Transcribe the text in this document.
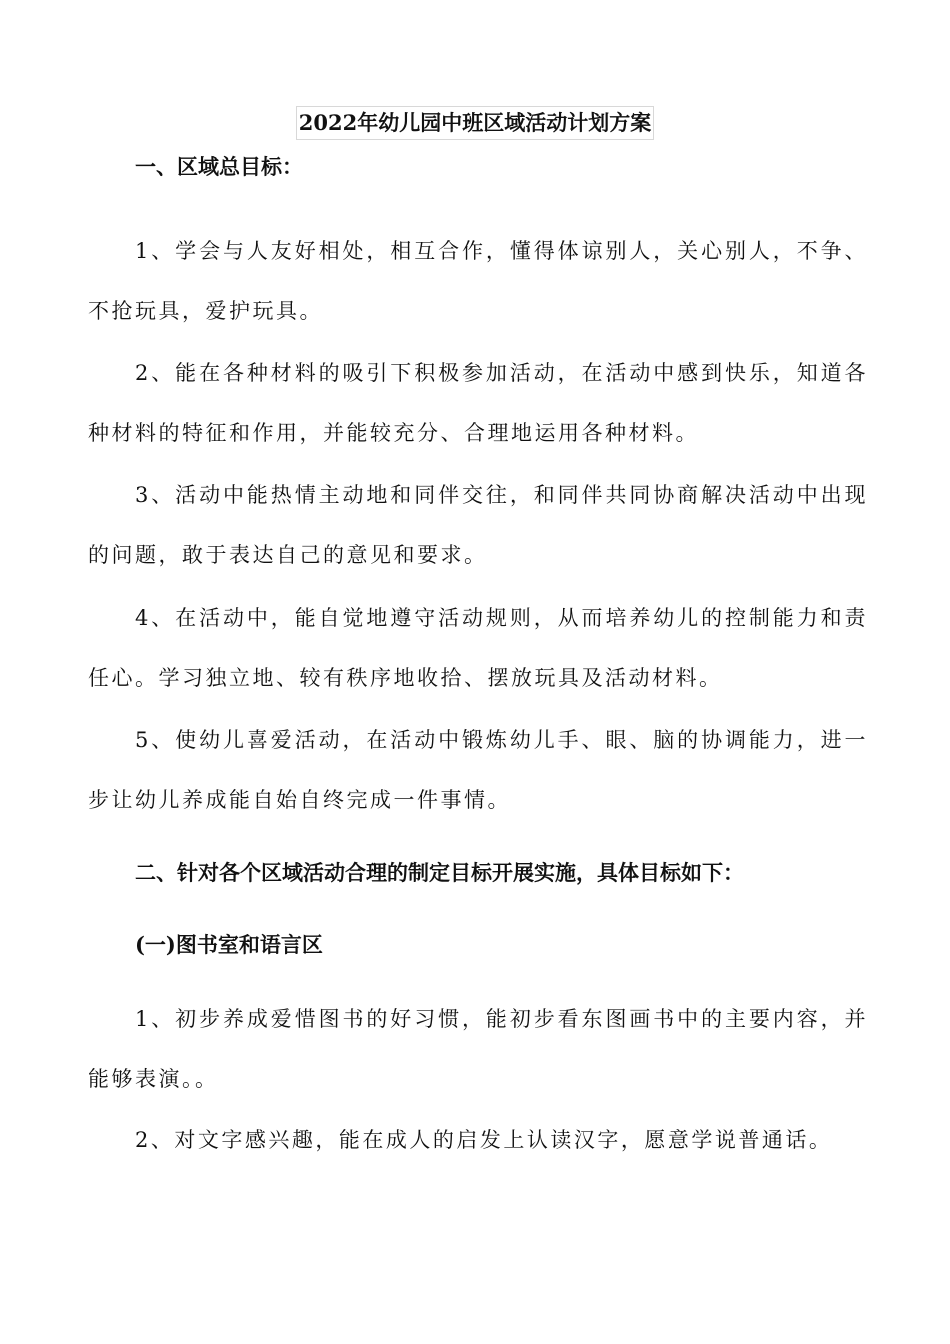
2022年幼儿园中班区域活动计划方案
一、区域总目标：

1、学会与人友好相处，相互合作，懂得体谅别人，关心别人，不争、不抢玩具，爱护玩具。

2、能在各种材料的吸引下积极参加活动，在活动中感到快乐，知道各种材料的特征和作用，并能较充分、合理地运用各种材料。

3、活动中能热情主动地和同伴交往，和同伴共同协商解决活动中出现的问题，敢于表达自己的意见和要求。

4、在活动中，能自觉地遵守活动规则，从而培养幼儿的控制能力和责任心。学习独立地、较有秩序地收拾、摆放玩具及活动材料。

5、使幼儿喜爱活动，在活动中锻炼幼儿手、眼、脑的协调能力，进一步让幼儿养成能自始自终完成一件事情。

二、针对各个区域活动合理的制定目标开展实施，具体目标如下：
(一)图书室和语言区

1、初步养成爱惜图书的好习惯，能初步看东图画书中的主要内容，并能够表演。。

2、对文字感兴趣，能在成人的启发上认读汉字，愿意学说普通话。
